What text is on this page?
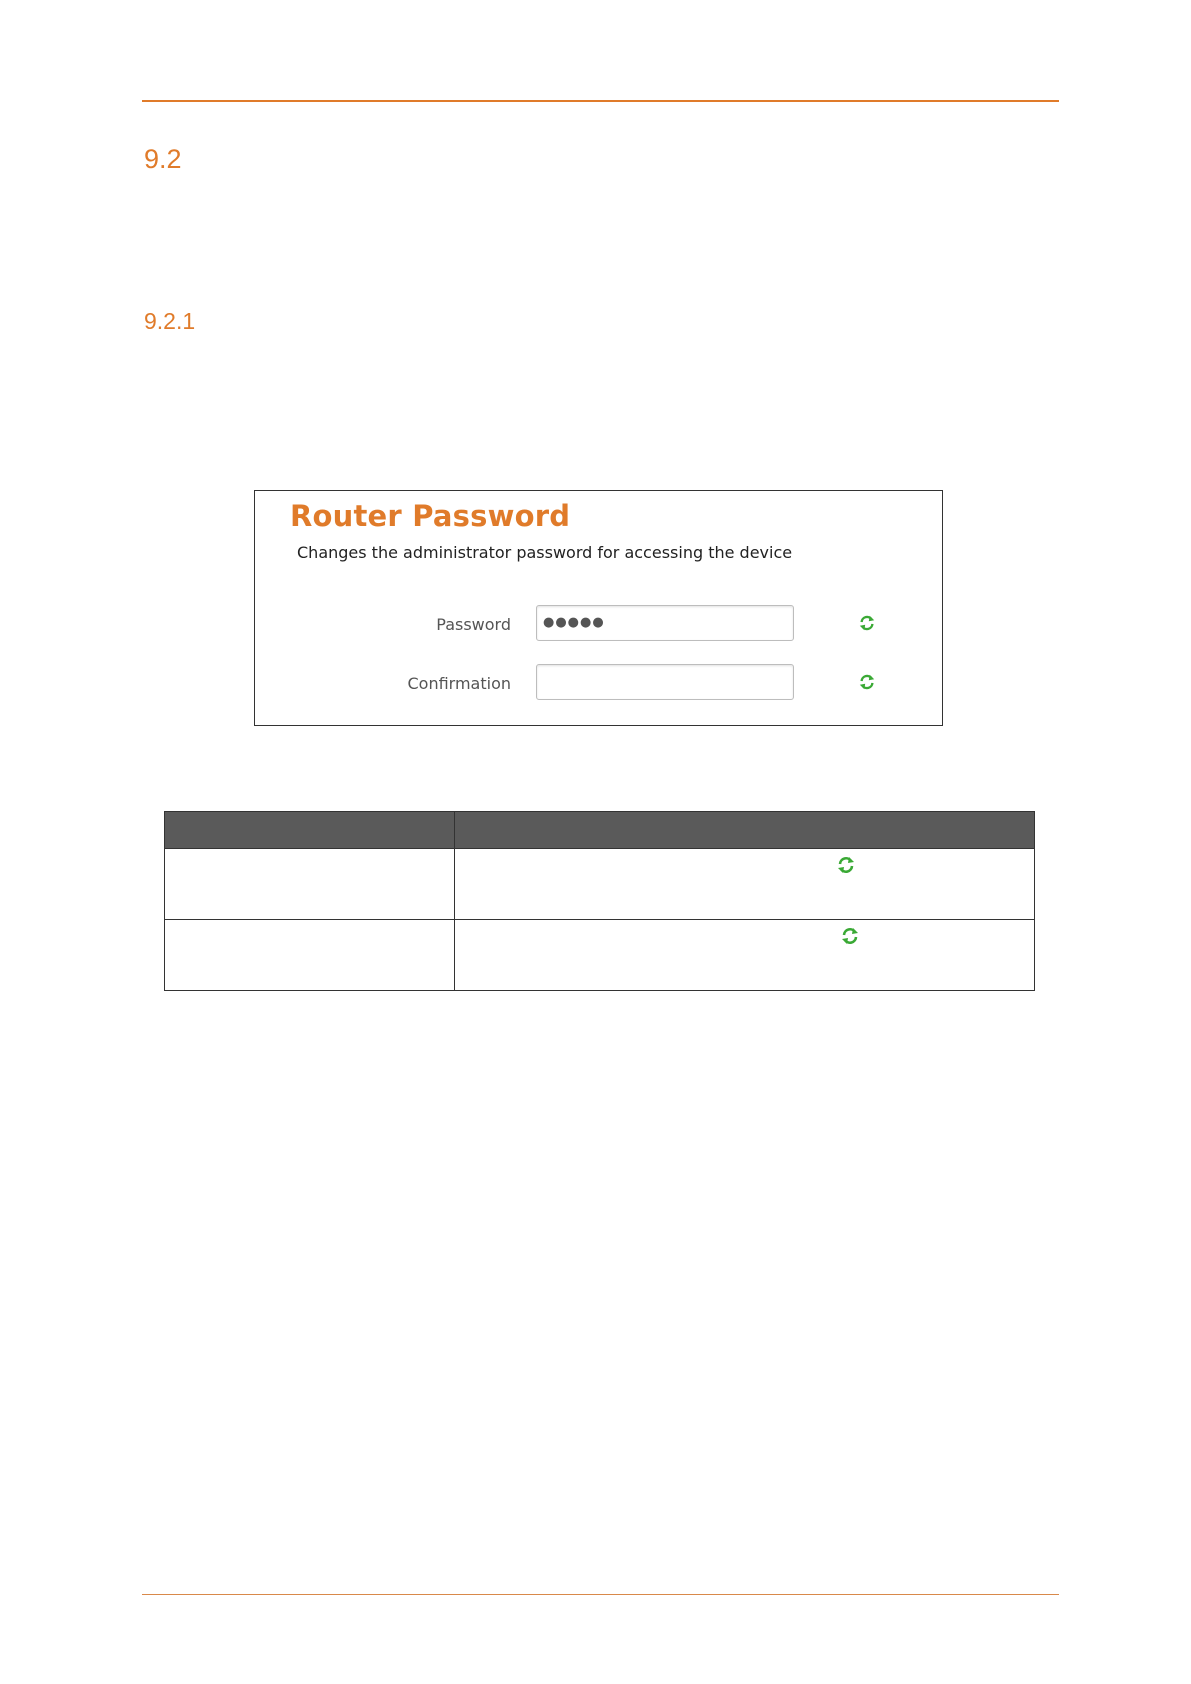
9.2
9.2.1
Router Password
Changes the administrator password for accessing the device
Password	●●●●●
Confirmation
